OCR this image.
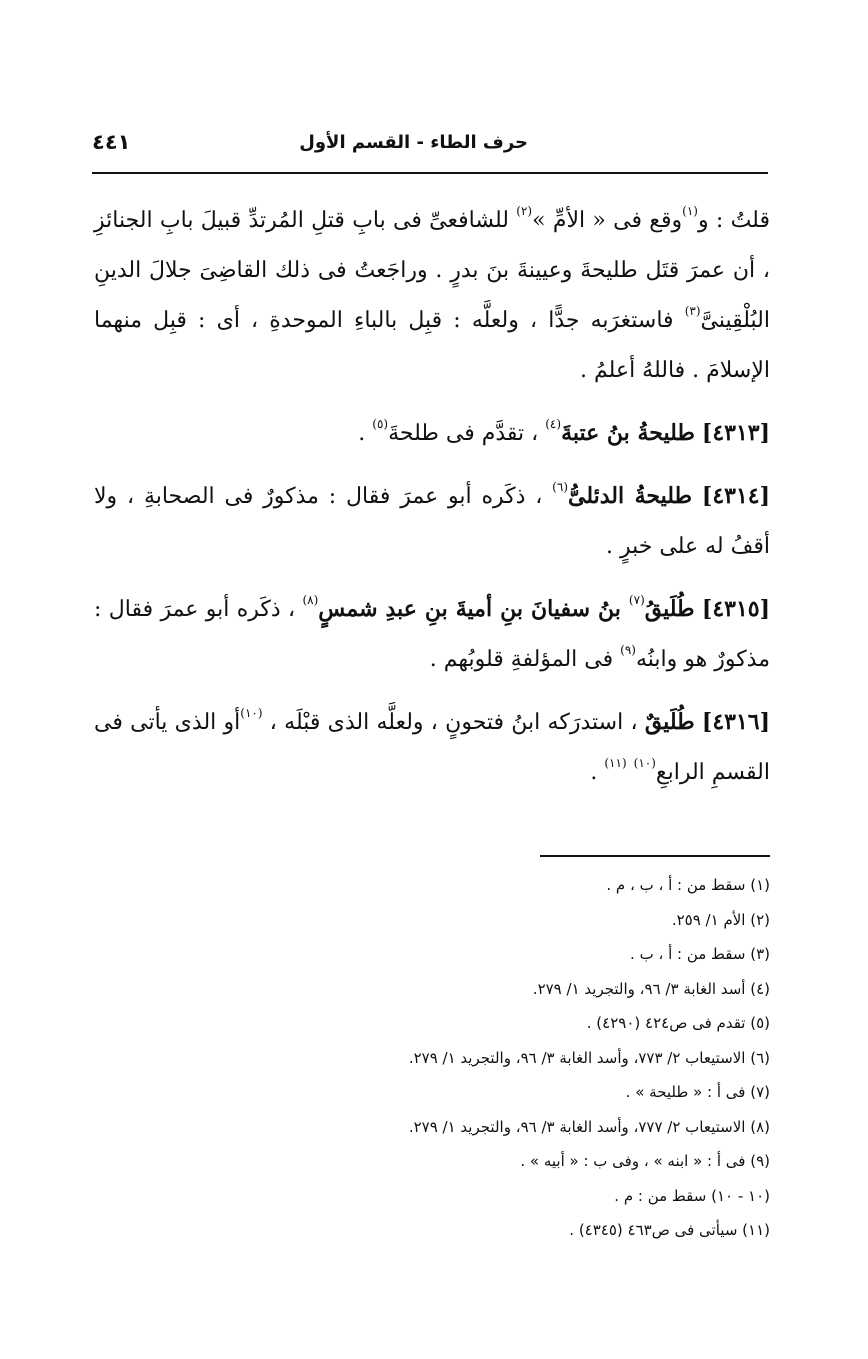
حرف الطاء - القسم الأول
٤٤١

قلتُ : و$^{(١)}$وقع فى « الأمِّ »$^{(٢)}$ للشافعىِّ فى بابِ قتلِ المُرتدِّ قبيلَ بابِ الجنائزِ ، أن عمرَ قتَل طليحةَ وعيينةَ بنَ بدرٍ . وراجَعتُ فى ذلك القاضِىَ جلالَ الدينِ البُلْقِينىَّ$^{(٣)}$ فاستغرَبه جدًّا ، ولعلَّه : قبِل بالباءِ الموحدةِ ، أى : قبِل منهما الإسلامَ . فاللهُ أعلمُ .

[٤٣١٣] طليحةُ بنُ عتبةَ$^{(٤)}$ ، تقدَّم فى طلحةَ$^{(٥)}$ .

[٤٣١٤] طليحةُ الدئلىُّ$^{(٦)}$ ، ذكَره أبو عمرَ فقال : مذكورٌ فى الصحابةِ ، ولا أقفُ له على خبرٍ .

[٤٣١٥] طُلَيقُ$^{(٧)}$ بنُ سفيانَ بنِ أميةَ بنِ عبدِ شمسٍ$^{(٨)}$ ، ذكَره أبو عمرَ فقال : مذكورٌ هو وابنُه$^{(٩)}$ فى المؤلفةِ قلوبُهم .

[٤٣١٦] طُلَيقٌ ، استدرَكه ابنُ فتحونٍ ، ولعلَّه الذى قبْلَه ، $^{(١٠)}$أو الذى يأتى فى القسمِ الرابعِ$^{(١٠)}$ $^{(١١)}$ .

(١) سقط من : أ ، ب ، م .
(٢) الأم ١/ ٢٥٩.
(٣) سقط من : أ ، ب .
(٤) أسد الغابة ٣/ ٩٦، والتجريد ١/ ٢٧٩.
(٥) تقدم فى ص٤٢٤ (٤٢٩٠) .
(٦) الاستيعاب ٢/ ٧٧٣، وأسد الغابة ٣/ ٩٦، والتجريد ١/ ٢٧٩.
(٧) فى أ : « طليحة » .
(٨) الاستيعاب ٢/ ٧٧٧، وأسد الغابة ٣/ ٩٦، والتجريد ١/ ٢٧٩.
(٩) فى أ : « ابنه » ، وفى ب : « أبيه » .
(١٠ - ١٠) سقط من : م .
(١١) سيأتى فى ص٤٦٣ (٤٣٤٥) .
